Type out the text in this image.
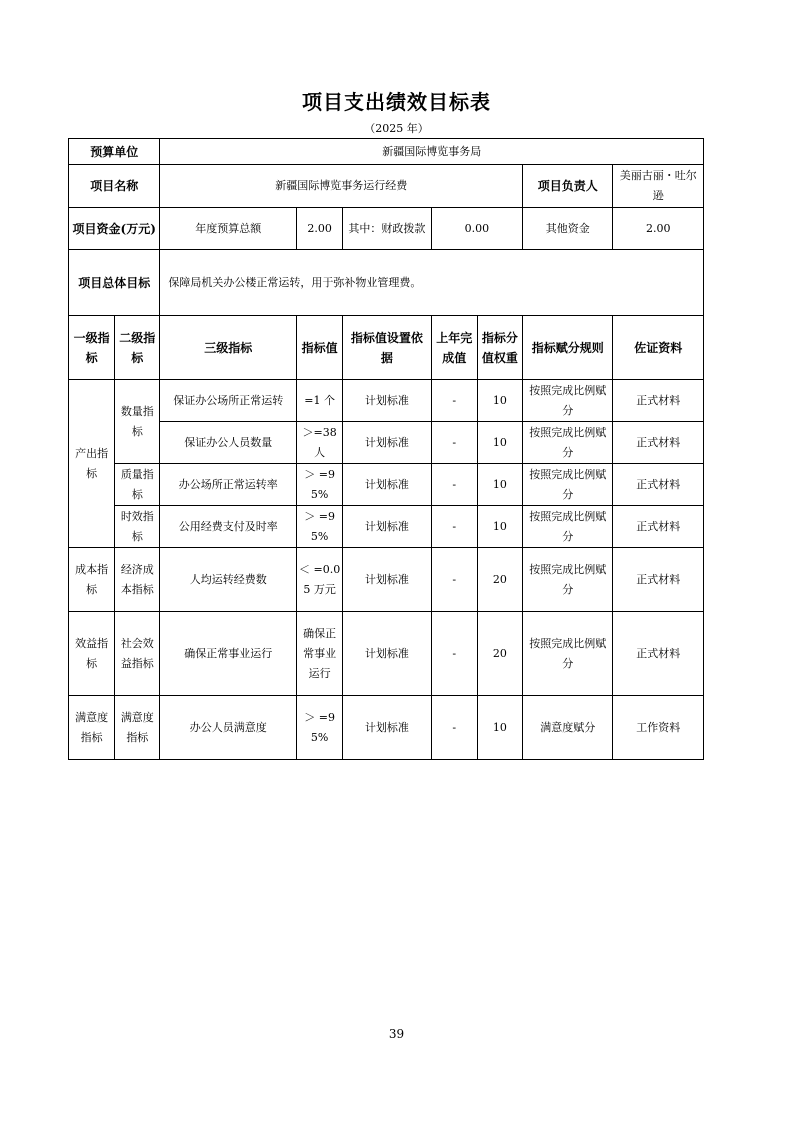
项目支出绩效目标表
（2025 年）
预算单位		新疆国际博览事务局						
项目名称		新疆国际博览事务运行经费					项目负责人	美丽古丽・吐尔逊
项目资金(万元)		年度预算总额	2.00	其中：财政拨款	0.00		其他资金	2.00
项目总体目标		保障局机关办公楼正常运转，用于弥补物业管理费。						
一级指标	二级指标	三级指标	指标值	指标值设置依据	上年完成值	指标分值权重	指标赋分规则	佐证资料
产出指标	数量指标	保证办公场所正常运转	=1 个	计划标准	-	10	按照完成比例赋分	正式材料
		保证办公人员数量	＞=38 人	计划标准	-	10	按照完成比例赋分	正式材料
	质量指标	办公场所正常运转率	＞ =95%	计划标准	-	10	按照完成比例赋分	正式材料
	时效指标	公用经费支付及时率	＞ =95%	计划标准	-	10	按照完成比例赋分	正式材料
成本指标	经济成本指标	人均运转经费数	＜ =0.05 万元	计划标准	-	20	按照完成比例赋分	正式材料
效益指标	社会效益指标	确保正常事业运行	确保正常事业运行	计划标准	-	20	按照完成比例赋分	正式材料
满意度指标	满意度指标	办公人员满意度	＞ =95%	计划标准	-	10	满意度赋分	工作资料
39
